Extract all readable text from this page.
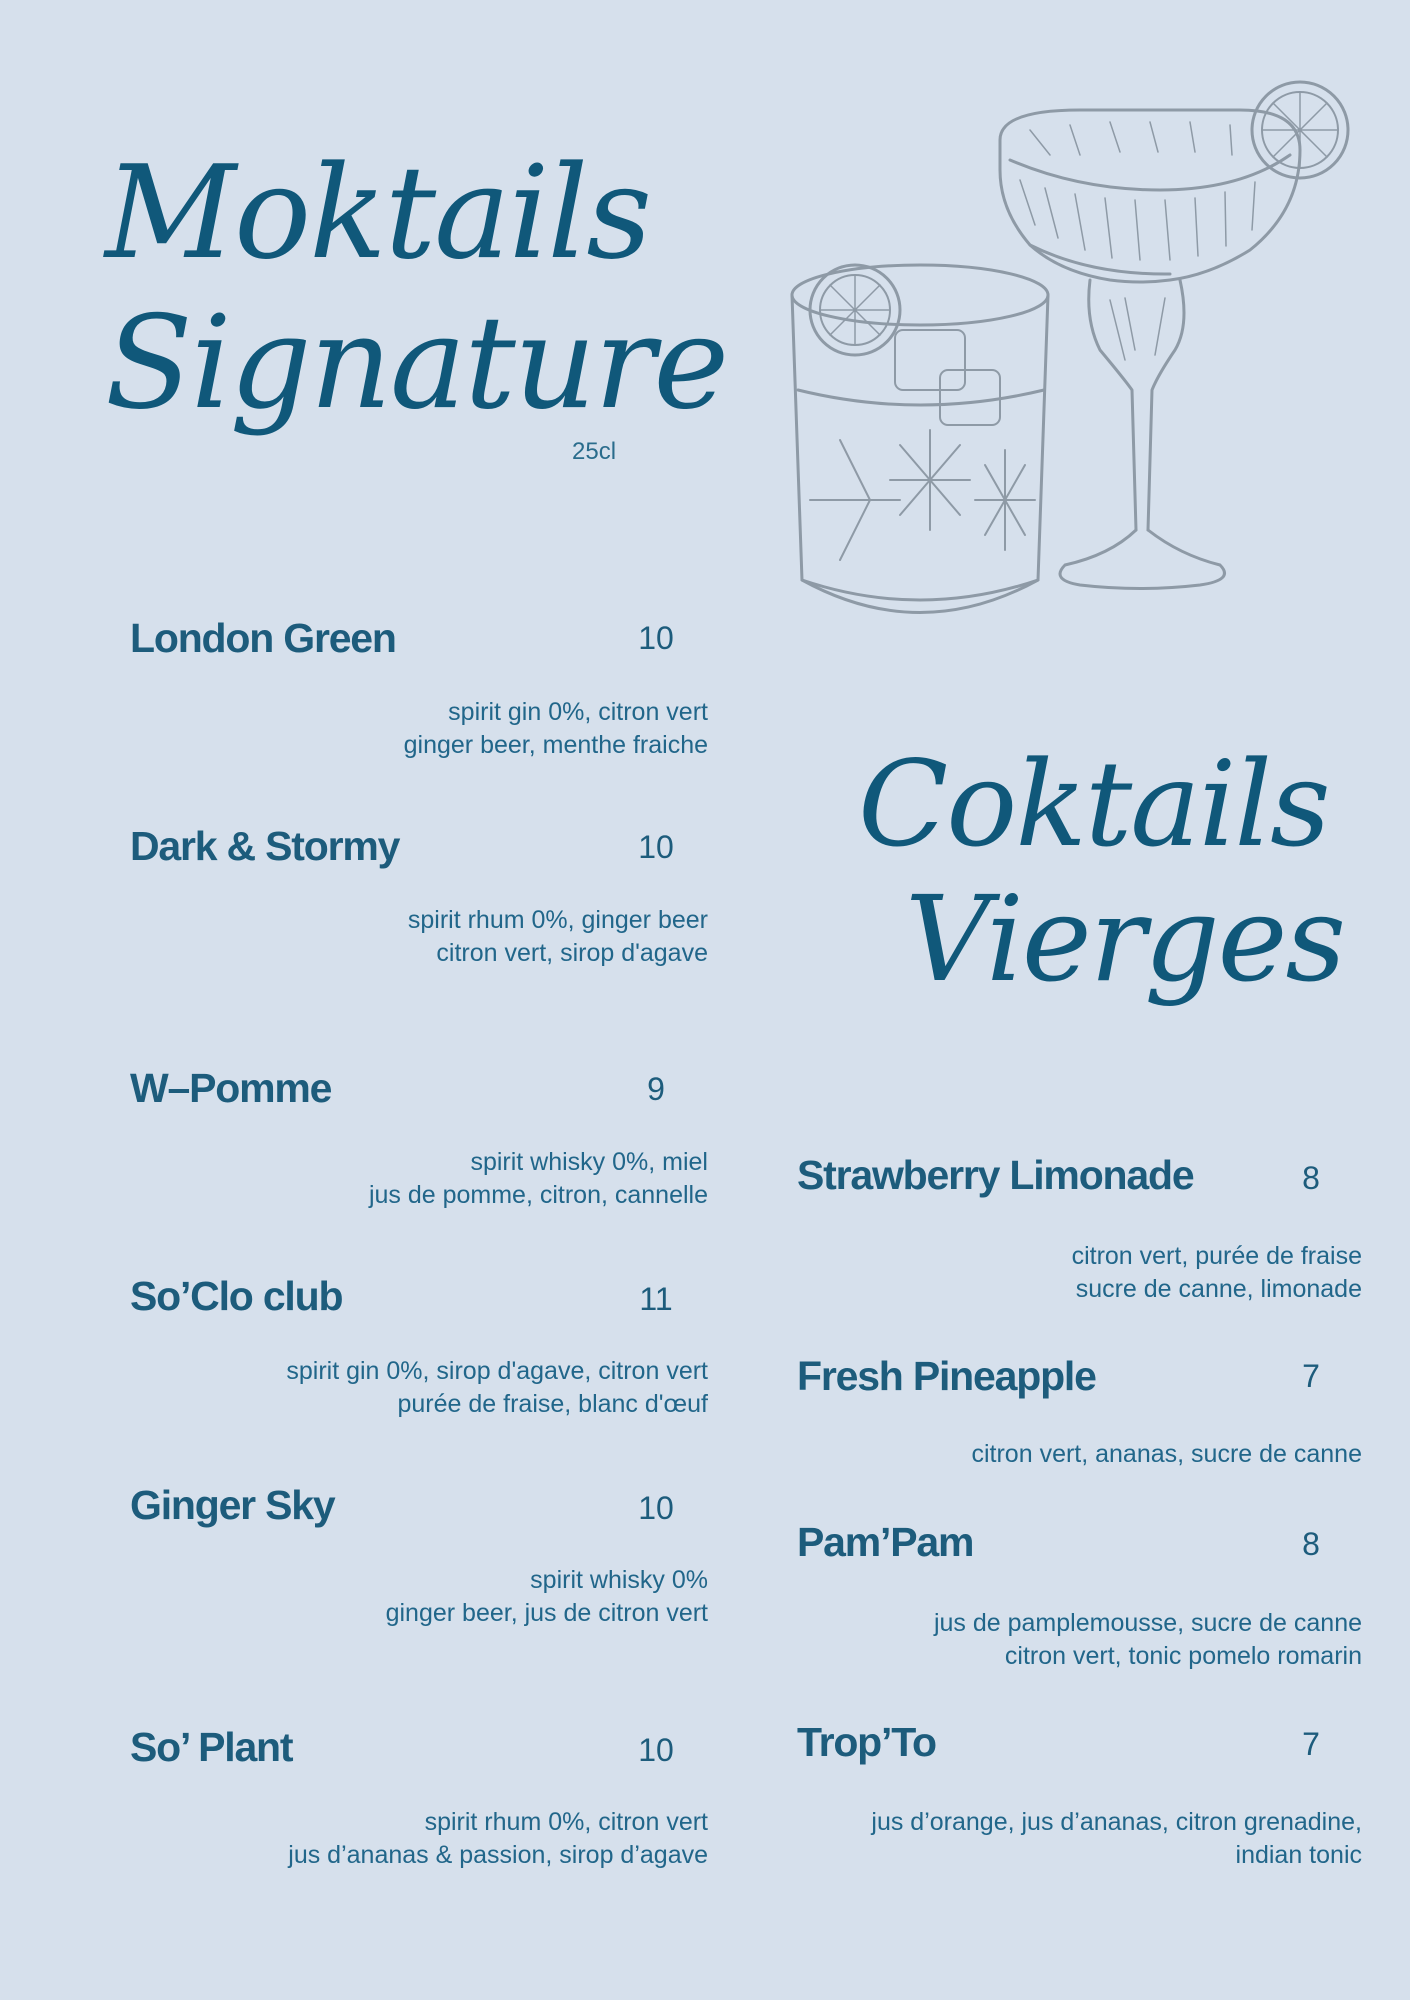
Moktails
Signature
25cl
Coktails
Vierges
London Green	10
spirit gin 0%, citron vert
ginger beer, menthe fraiche
Dark & Stormy	10
spirit rhum 0%, ginger beer
citron vert, sirop d'agave
W–Pomme	9
spirit whisky 0%, miel
jus de pomme, citron, cannelle
So’Clo club	11
spirit gin 0%, sirop d'agave, citron vert
purée de fraise, blanc d'œuf
Ginger Sky	10
spirit whisky 0%
ginger beer, jus de citron vert
So’ Plant	10
spirit rhum 0%, citron vert
jus d’ananas & passion, sirop d’agave
Strawberry Limonade	8
citron vert, purée de fraise
sucre de canne, limonade
Fresh Pineapple	7
citron vert, ananas, sucre de canne
Pam’Pam	8
jus de pamplemousse, sucre de canne
citron vert, tonic pomelo romarin
Trop’To	7
jus d’orange, jus d’ananas, citron grenadine,
indian tonic
